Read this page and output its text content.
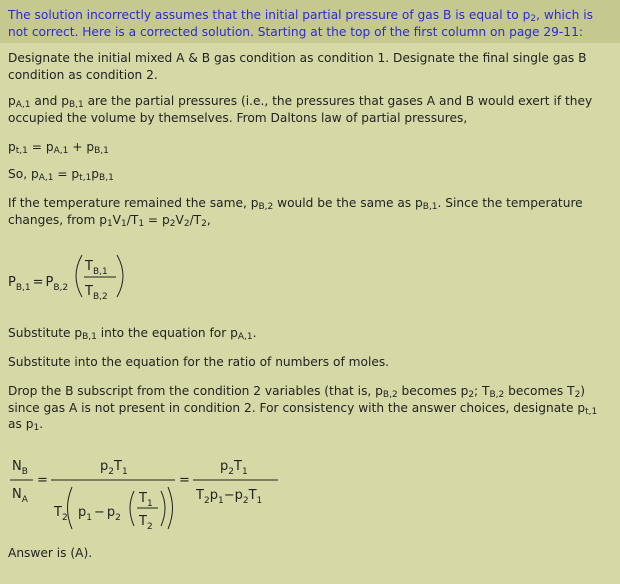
The solution incorrectly assumes that the initial partial pressure of gas B is equal to $p_2$, which is not correct. Here is a corrected solution. Starting at the top of the first column on page 29-11:
Designate the initial mixed A & B gas condition as condition 1. Designate the final single gas B condition as condition 2.
$p_{A,1}$ and $p_{B,1}$ are the partial pressures (i.e., the pressures that gases A and B would exert if they occupied the volume by themselves. From Daltons law of partial pressures,
$p_{t,1} = p_{A,1} + p_{B,1}$
So, $p_{A,1} = p_{t,1}p_{B,1}$
If the temperature remained the same, $p_{B,2}$ would be the same as $p_{B,1}$. Since the temperature changes, from $p_1V_1/T_1 = p_2V_2/T_2$,
$P_{B,1} = P_{B,2}$
$T_{B,1}$
$T_{B,2}$
$N_B$
$N_A$
=
$p_2T_1$
$T_2$ $p_1 - p_2$
$T_1$
$T_2$
=
$p_2T_1$
$T_2p_1-p_2T_1$
Substitute $p_{B,1}$ into the equation for $p_{A,1}$.
Substitute into the equation for the ratio of numbers of moles.
Drop the B subscript from the condition 2 variables (that is, $p_{B,2}$ becomes $p_2$; $T_{B,2}$ becomes $T_2$) since gas A is not present in condition 2. For consistency with the answer choices, designate $p_{t,1}$ as $p_1$.
Answer is (A).
